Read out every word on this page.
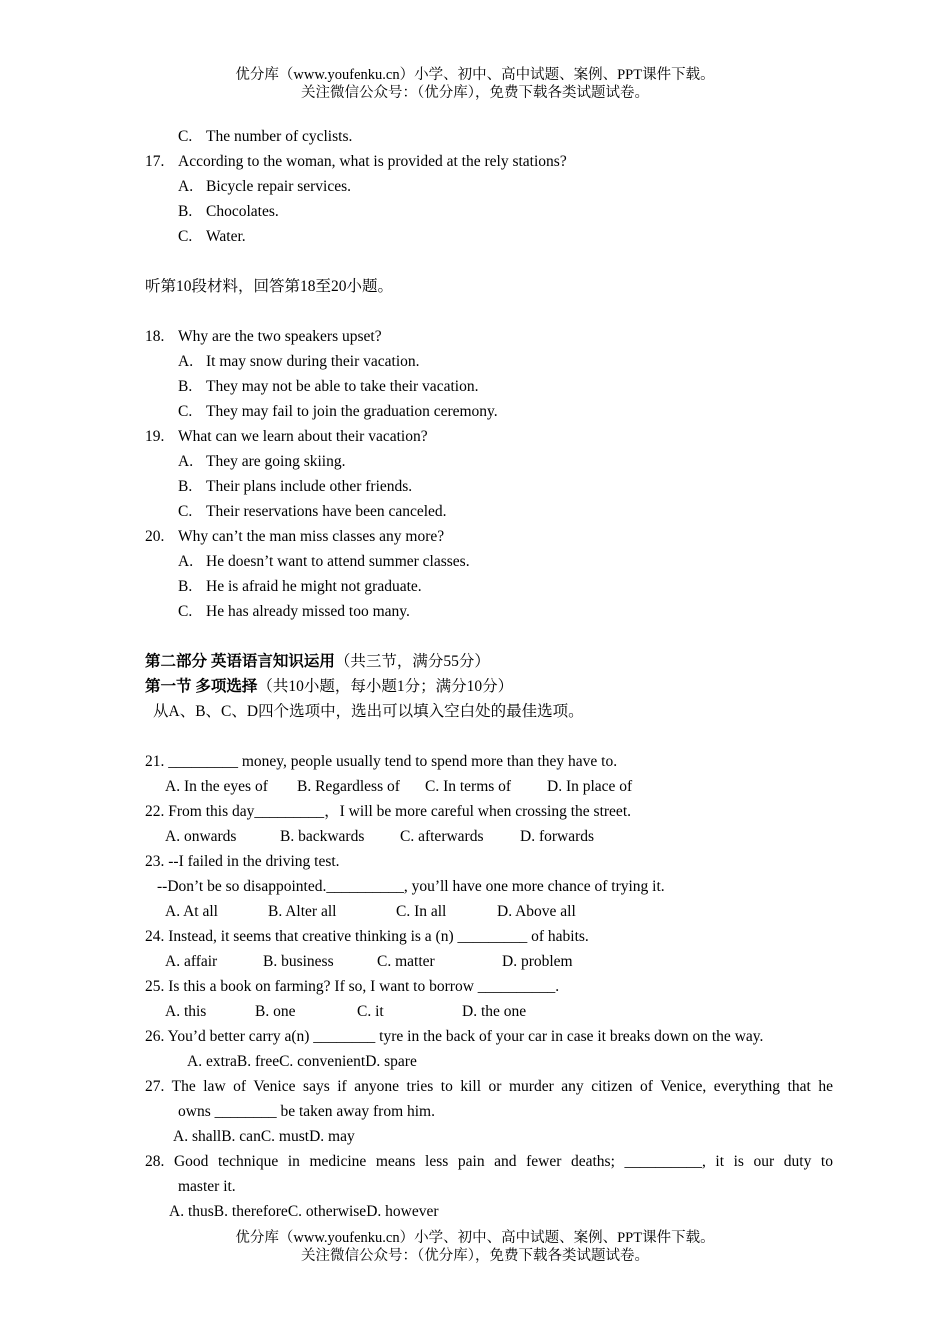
优分库（www.youfenku.cn）小学、初中、高中试题、案例、PPT课件下载。
关注微信公众号：（优分库），免费下载各类试题试卷。
C. The number of cyclists.
17. According to the woman, what is provided at the rely stations?
A. Bicycle repair services.
B. Chocolates.
C. Water.
听第10段材料，回答第18至20小题。
18. Why are the two speakers upset?
A. It may snow during their vacation.
B. They may not be able to take their vacation.
C. They may fail to join the graduation ceremony.
19. What can we learn about their vacation?
A. They are going skiing.
B. Their plans include other friends.
C. Their reservations have been canceled.
20. Why can’t the man miss classes any more?
A. He doesn’t want to attend summer classes.
B. He is afraid he might not graduate.
C. He has already missed too many.
第二部分 英语语言知识运用（共三节，满分55分）
第一节 多项选择（共10小题，每小题1分；满分10分）
从A、B、C、D四个选项中，选出可以填入空白处的最佳选项。
21. _________ money, people usually tend to spend more than they have to.
A. In the eyes of B. Regardless of C. In terms of D. In place of
22. From this day_________，I will be more careful when crossing the street.
A. onwards	B. backwards C. afterwards D. forwards
23. --I failed in the driving test.
--Don’t be so disappointed.__________, you’ll have one more chance of trying it.
A. At all	B. Alter all	C. In all	D. Above all
24. Instead, it seems that creative thinking is a (n) _________ of habits.
A. affair	B. business	C. matter	D. problem
25. Is this a book on farming? If so, I want to borrow __________.
A. this	B. one	C. it	D. the one
26. You’d better carry a(n) ________ tyre in the back of your car in case it breaks down on the way.
A. extraB. freeC. convenientD. spare
27. The law of Venice says if anyone tries to kill or murder any citizen of Venice, everything that he
owns ________ be taken away from him.
A. shallB. canC. mustD. may
28. Good technique in medicine means less pain and fewer deaths; __________, it is our duty to
master it.
A. thusB. thereforeC. otherwiseD. however
优分库（www.youfenku.cn）小学、初中、高中试题、案例、PPT课件下载。
关注微信公众号：（优分库），免费下载各类试题试卷。
